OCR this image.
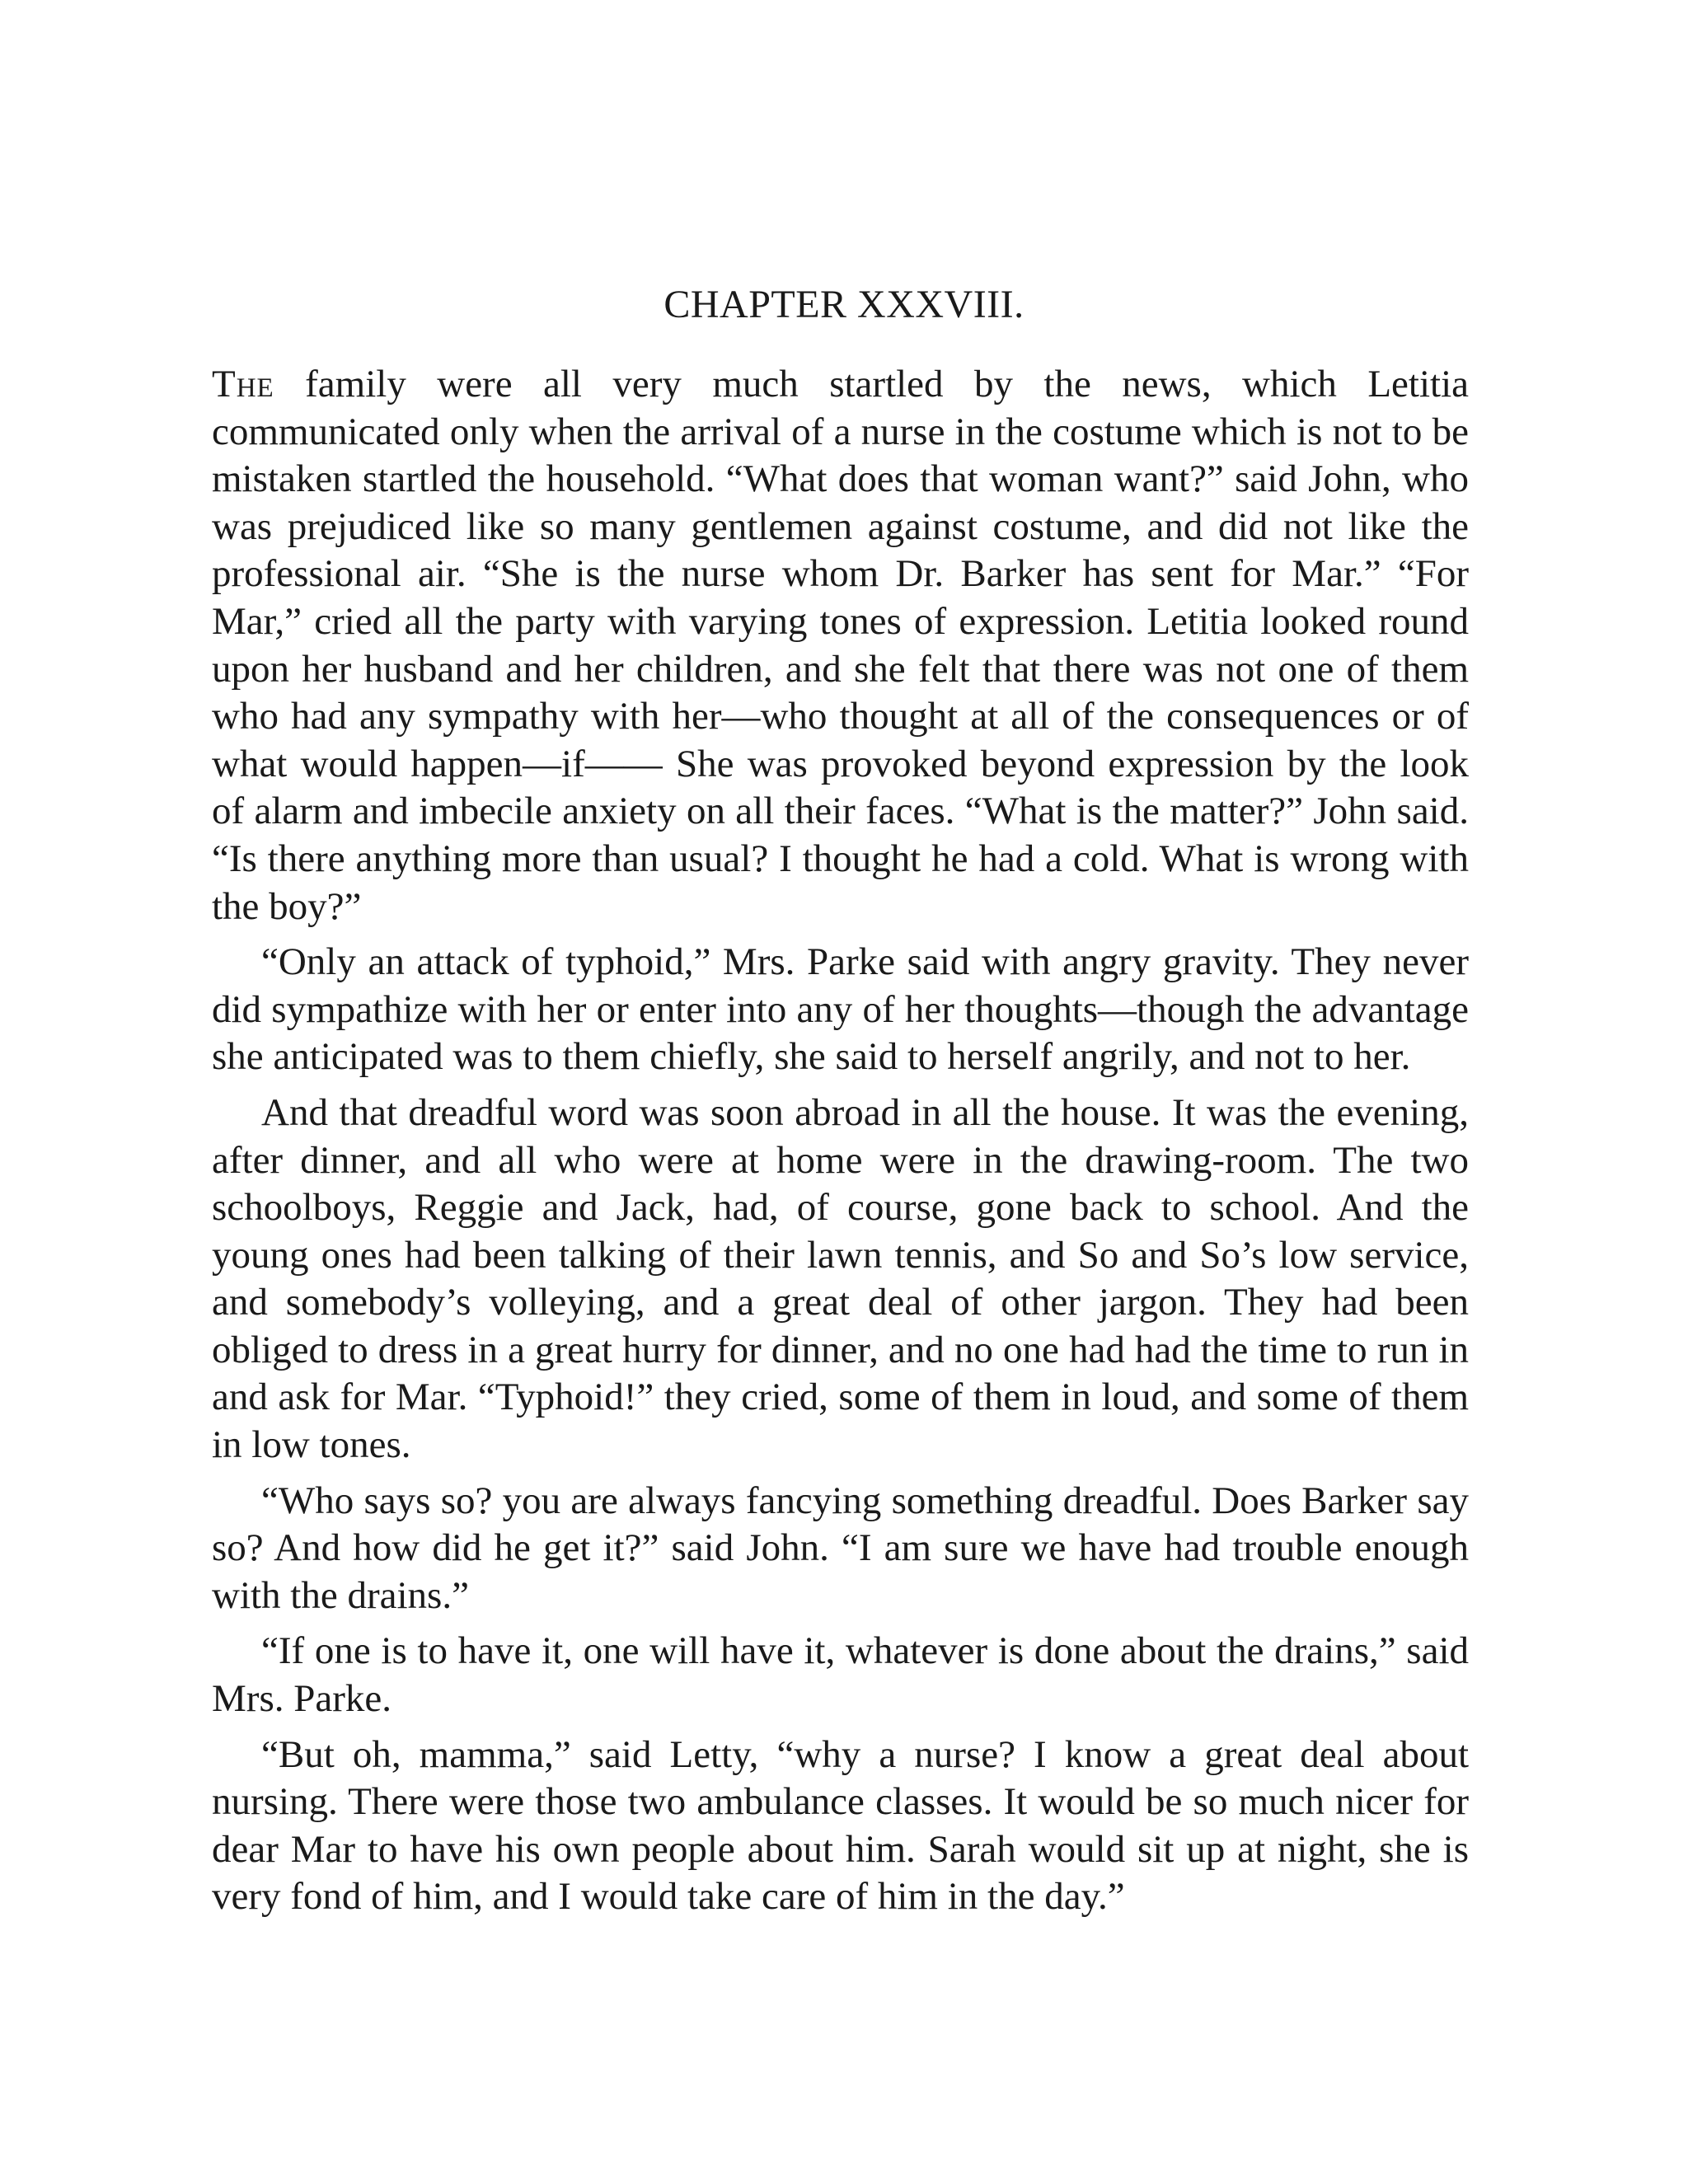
CHAPTER XXXVIII.

The family were all very much startled by the news, which Letitia communicated only when the arrival of a nurse in the costume which is not to be mistaken startled the household. “What does that woman want?” said John, who was prejudiced like so many gentlemen against costume, and did not like the professional air. “She is the nurse whom Dr. Barker has sent for Mar.” “For Mar,” cried all the party with varying tones of expression. Letitia looked round upon her husband and her children, and she felt that there was not one of them who had any sympathy with her—who thought at all of the consequences or of what would happen—if—— She was provoked beyond expression by the look of alarm and imbecile anxiety on all their faces. “What is the matter?” John said. “Is there anything more than usual? I thought he had a cold. What is wrong with the boy?”

“Only an attack of typhoid,” Mrs. Parke said with angry gravity. They never did sympathize with her or enter into any of her thoughts—though the advantage she anticipated was to them chiefly, she said to herself angrily, and not to her.

And that dreadful word was soon abroad in all the house. It was the evening, after dinner, and all who were at home were in the drawing-room. The two schoolboys, Reggie and Jack, had, of course, gone back to school. And the young ones had been talking of their lawn tennis, and So and So’s low service, and somebody’s volleying, and a great deal of other jargon. They had been obliged to dress in a great hurry for dinner, and no one had had the time to run in and ask for Mar. “Typhoid!” they cried, some of them in loud, and some of them in low tones.

“Who says so? you are always fancying something dreadful. Does Barker say so? And how did he get it?” said John. “I am sure we have had trouble enough with the drains.”

“If one is to have it, one will have it, whatever is done about the drains,” said Mrs. Parke.

“But oh, mamma,” said Letty, “why a nurse? I know a great deal about nursing. There were those two ambulance classes. It would be so much nicer for dear Mar to have his own people about him. Sarah would sit up at night, she is very fond of him, and I would take care of him in the day.”
